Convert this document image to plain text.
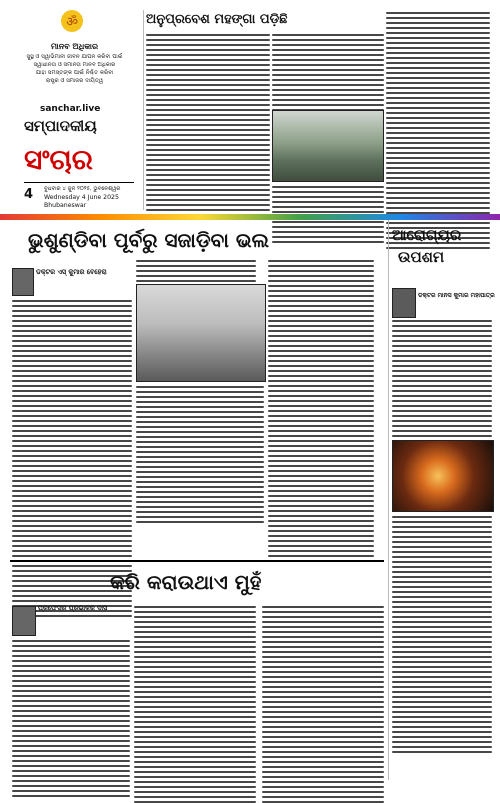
ॐ
ମାନବ ଅଧିକାର
ସୁସ୍ଥ ଓ ସ୍ୱାଭିମାନୀ ଜୀବନ ଯାପନ କରିବା ପାଇଁ
ସ୍ୱାଧୀନତା ଓ ସମାନତା ମାନବ ଅଧିକାର
ଯାହା ସମସ୍ତଙ୍କ ପାଇଁ ନିଶ୍ଚିତ କରିବା
ରାଷ୍ଟ୍ର ଓ ସମାଜର ଦାୟିତ୍ୱ
sanchar.live
ସମ୍ପାଦକୀୟ
ସଂଚାର
4 ବୁଧବାର ୪ ଜୁନ ୨୦୨୫, ଭୁବନେଶ୍ୱର
Wednesday 4 June 2025
Bhubaneswar
ଅନୁପ୍ରବେଶ ମହଙ୍ଗା ପଡ଼ିଛି
ଭୁଶୁଣ୍ଡିବା ପୂର୍ବରୁ ସଜାଡ଼ିବା ଭଲ	ଆରୋଗ୍ୟର
ଉପଶମ
ଡକ୍ଟର ଏସ୍ କୁମାର ବେହେରା
ଡକ୍ଟର ମାନସ କୁମାର ମହାପାତ୍ର
କରି କରାଉଥାଏ ମୁହଁ
ପ୍ରଫେସର ପ୍ରଭାକର ଦାସ
